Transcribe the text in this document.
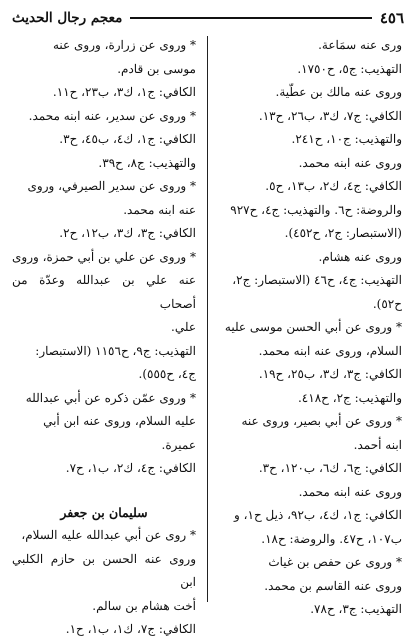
٤٥٦
معجم رجال الحديث
ورى عنه سمَاعة.
التهذيب: ج٥، ح١٧٥٠.
وروى عنه مالك بن عطّية.
الكافي: ج٧، ك٣، ب٢٦، ح١٣.
والتهذيب: ج١٠، ح٢٤١.
وروى عنه ابنه محمد.
الكافي: ج٤، ك٢، ب١٣، ح٥.
والروضة: ح٦. والتهذيب: ج٤، ح٩٢٧
(الاستبصار: ج٢، ح٤٥٢).
وروى عنه هشام.
التهذيب: ج٤، ح٤٦ (الاستبصار: ج٢،
ح٥٢).
* وروى عن أبي الحسن موسى عليه
السلام، وروى عنه ابنه محمد.
الكافي: ج٣، ك٣، ب٢٥، ح١٩.
والتهذيب: ج٢، ح٤١٨.
* وروى عن أبي بصير، وروى عنه
ابنه أحمد.
الكافي: ج٦، ك٦، ب١٢٠، ح٣.
وروى عنه ابنه محمد.
الكافي: ج١، ك٤، ب٩٢، ذيل ح١، و
ب١٠٧، ح٤٧. والروضة: ح١٨.
* وروى عن حفص بن غياث
وروى عنه القاسم بن محمد.
التهذيب: ج٣، ح٧٨.
* وروى عن زرارة، وروى عنه
موسى بن قادم.
الكافي: ج١، ك٣، ب٢٣، ح١١.
* وروى عن سدير، عنه ابنه محمد.
الكافي: ج١، ك٤، ب٤٥، ح٣.
والتهذيب: ج٨، ح٣٩.
* وروى عن سدير الصيرفي، وروى
عنه ابنه محمد.
الكافي: ج٣، ك٣، ب١٢، ح٢.
* وروى عن علي بن أبي حمزة، وروى
عنه علي بن عبدالله وعدّة من أصحاب
علي.
التهذيب: ج٩، ح١١٥٦ (الاستبصار:
ج٤، ح٥٥٥).
* وروى عمّن ذكره عن أبي عبدالله
عليه السلام، وروى عنه ابن أبي
عميرة.
الكافي: ج٤، ك٢، ب١، ح٧.
سليمان بن جعفر
* روى عن أبي عبدالله عليه السلام،
وروى عنه الحسن بن حازم الكلبي ابن
أخت هشام بن سالم.
الكافي: ج٧، ك١، ب١، ح١.
